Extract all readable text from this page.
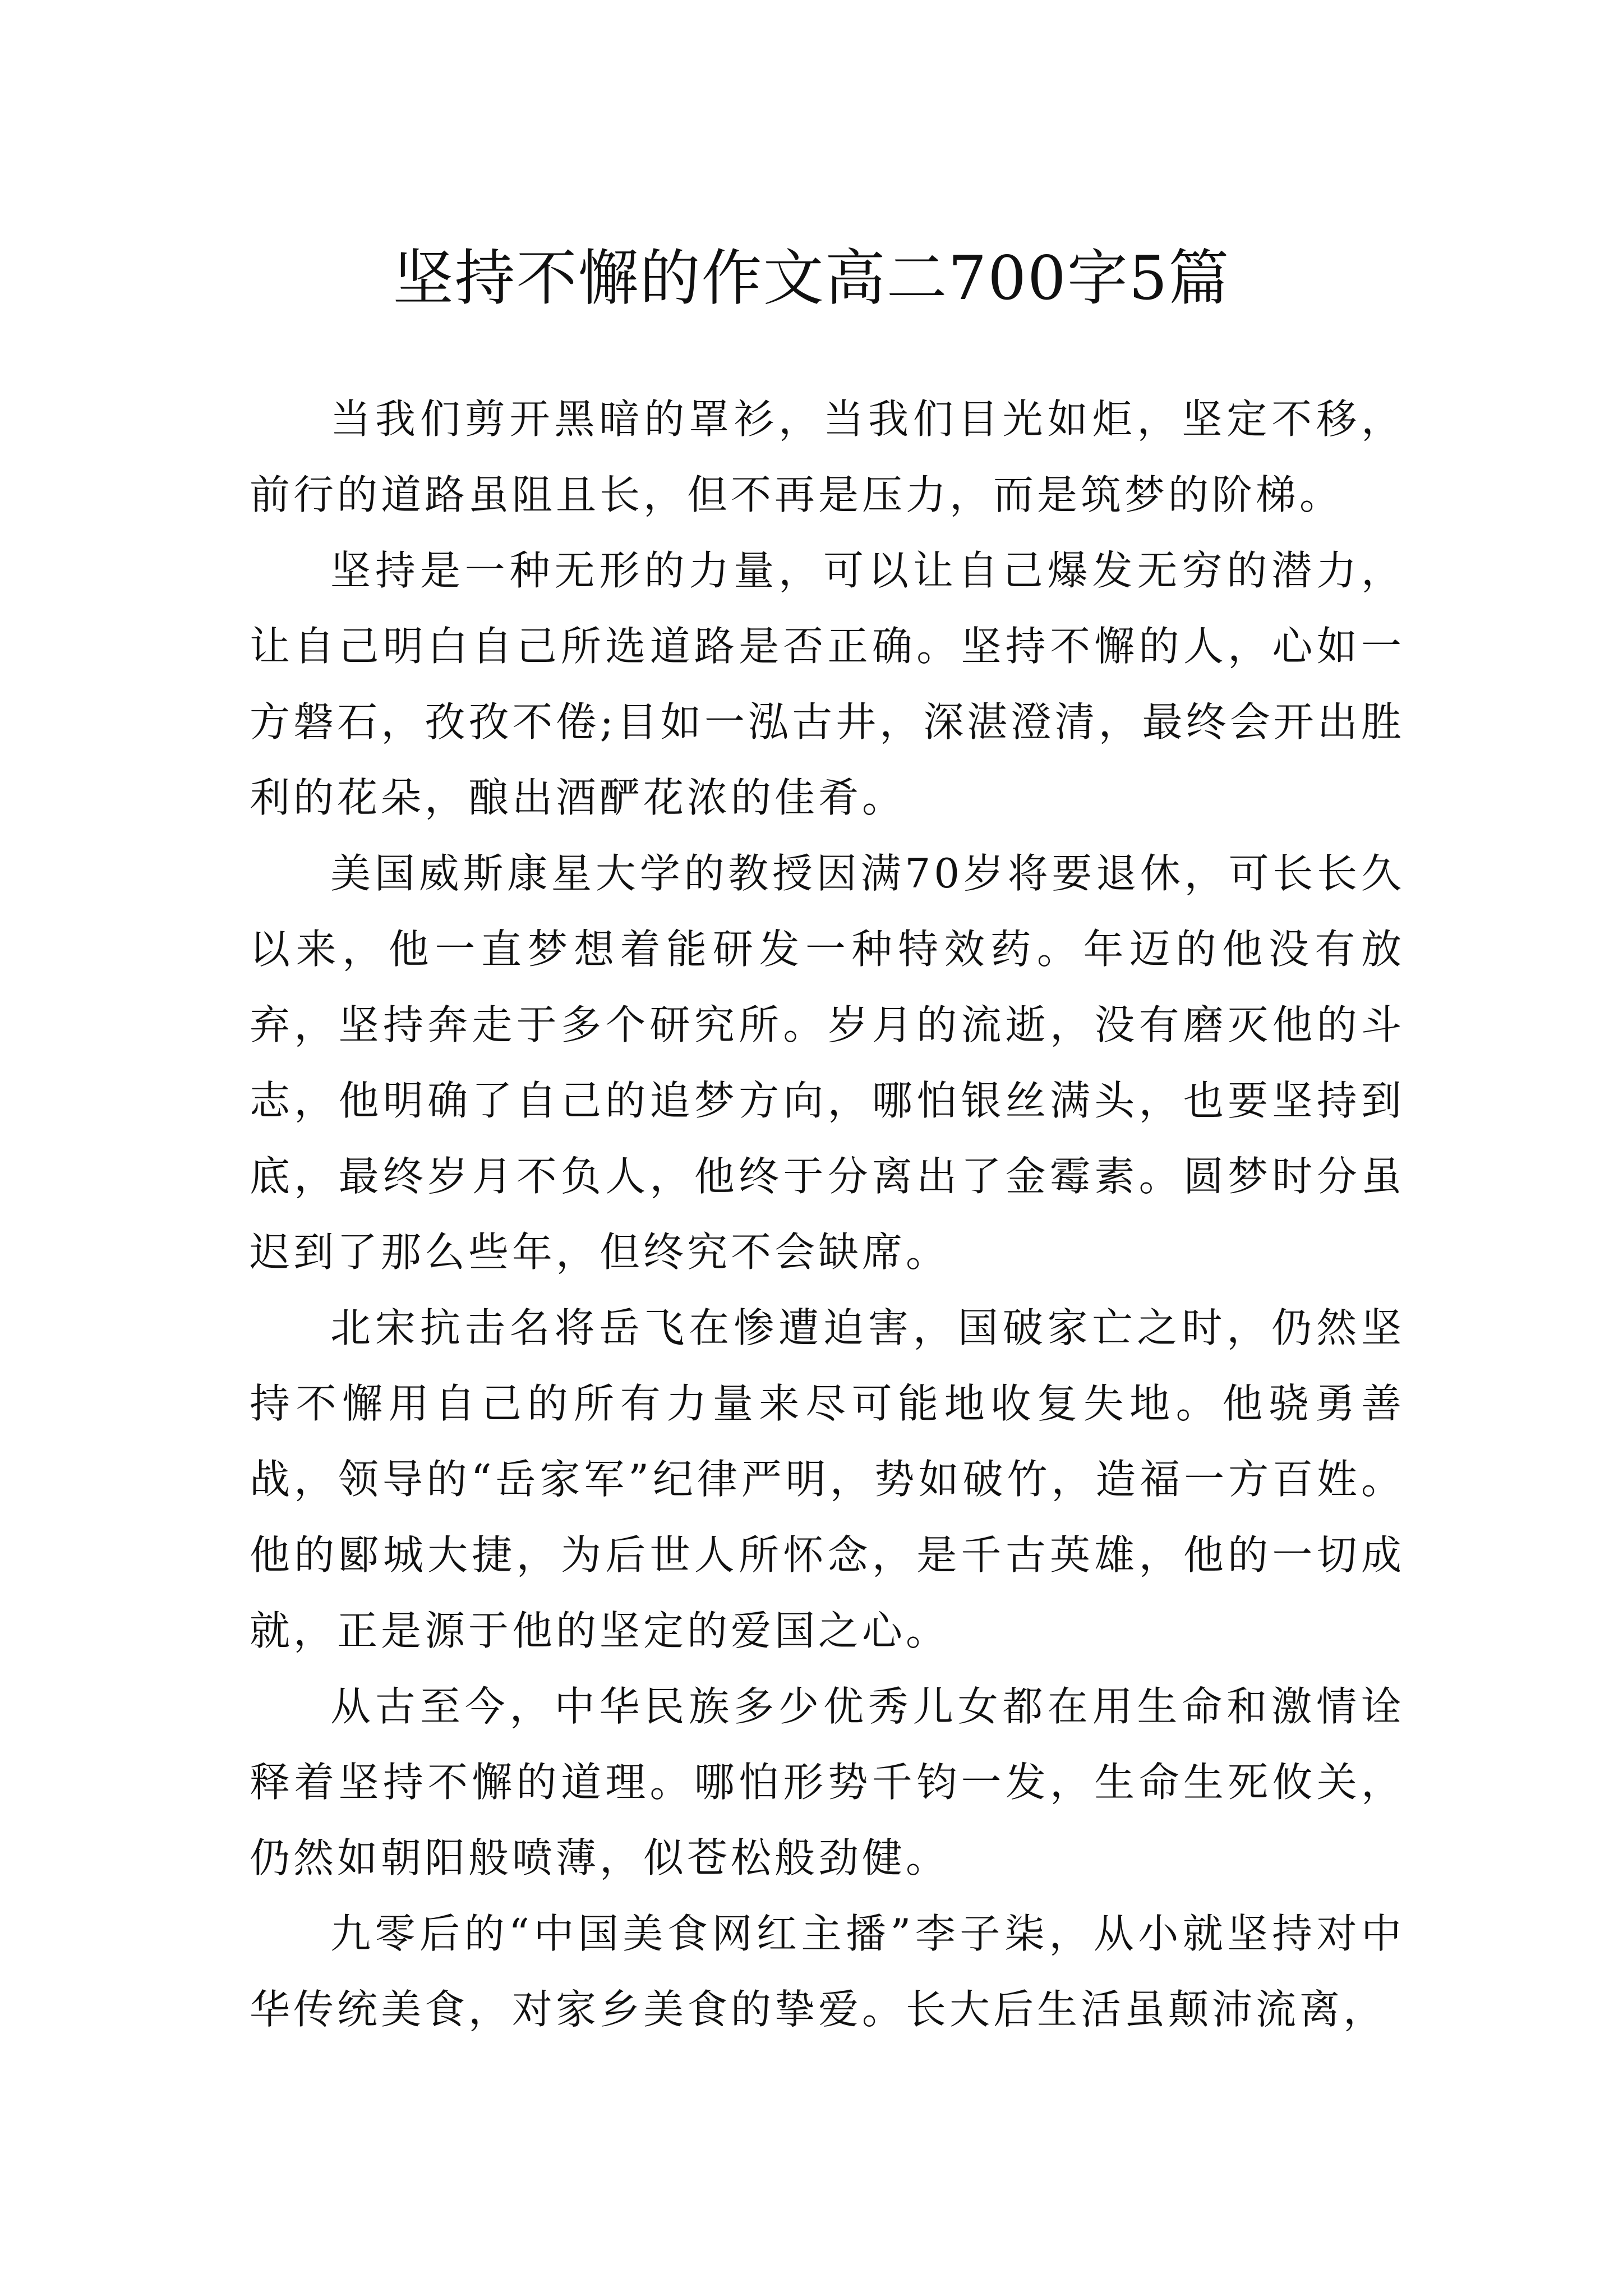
坚持不懈的作文高二700字5篇

当我们剪开黑暗的罩衫，当我们目光如炬，坚定不移，前行的道路虽阻且长，但不再是压力，而是筑梦的阶梯。

坚持是一种无形的力量，可以让自己爆发无穷的潜力，让自己明白自己所选道路是否正确。坚持不懈的人，心如一方磐石，孜孜不倦;目如一泓古井，深湛澄清，最终会开出胜利的花朵，酿出酒酽花浓的佳肴。

美国威斯康星大学的教授因满70岁将要退休，可长长久以来，他一直梦想着能研发一种特效药。年迈的他没有放弃，坚持奔走于多个研究所。岁月的流逝，没有磨灭他的斗志，他明确了自己的追梦方向，哪怕银丝满头，也要坚持到底，最终岁月不负人，他终于分离出了金霉素。圆梦时分虽迟到了那么些年，但终究不会缺席。

北宋抗击名将岳飞在惨遭迫害，国破家亡之时，仍然坚持不懈用自己的所有力量来尽可能地收复失地。他骁勇善战，领导的“岳家军”纪律严明，势如破竹，造福一方百姓。他的郾城大捷，为后世人所怀念，是千古英雄，他的一切成就，正是源于他的坚定的爱国之心。

从古至今，中华民族多少优秀儿女都在用生命和激情诠释着坚持不懈的道理。哪怕形势千钧一发，生命生死攸关，仍然如朝阳般喷薄，似苍松般劲健。

九零后的“中国美食网红主播”李子柒，从小就坚持对中华传统美食，对家乡美食的挚爱。长大后生活虽颠沛流离，
